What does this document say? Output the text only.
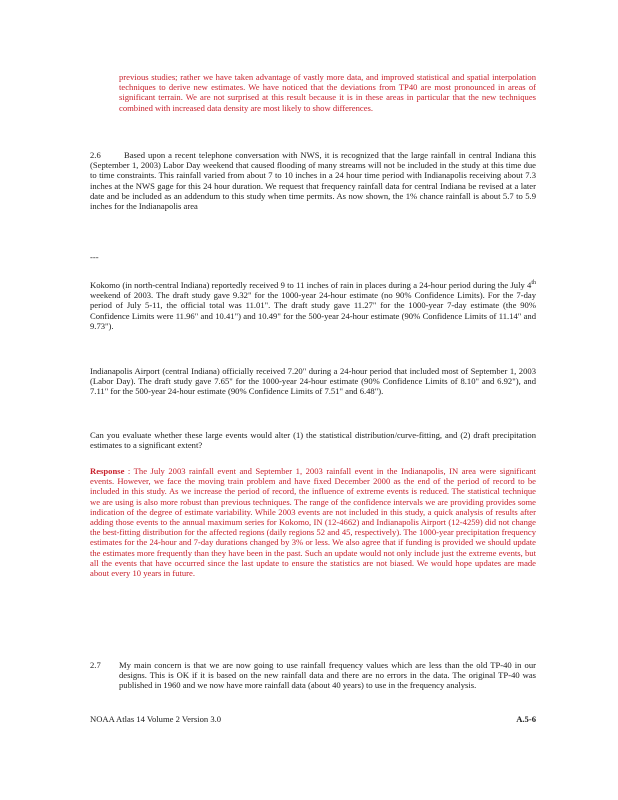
previous studies; rather we have taken advantage of vastly more data, and improved statistical and spatial interpolation techniques to derive new estimates. We have noticed that the deviations from TP40 are most pronounced in areas of significant terrain. We are not surprised at this result because it is in these areas in particular that the new techniques combined with increased data density are most likely to show differences.

2.6	Based upon a recent telephone conversation with NWS, it is recognized that the large rainfall in central Indiana this (September 1, 2003) Labor Day weekend that caused flooding of many streams will not be included in the study at this time due to time constraints. This rainfall varied from about 7 to 10 inches in a 24 hour time period with Indianapolis receiving about 7.3 inches at the NWS gage for this 24 hour duration. We request that frequency rainfall data for central Indiana be revised at a later date and be included as an addendum to this study when time permits. As now shown, the 1% chance rainfall is about 5.7 to 5.9 inches for the Indianapolis area

---

Kokomo (in north-central Indiana) reportedly received 9 to 11 inches of rain in places during a 24-hour period during the July 4th weekend of 2003. The draft study gave 9.32" for the 1000-year 24-hour estimate (no 90% Confidence Limits). For the 7-day period of July 5-11, the official total was 11.01". The draft study gave 11.27" for the 1000-year 7-day estimate (the 90% Confidence Limits were 11.96" and 10.41") and 10.49" for the 500-year 24-hour estimate (90% Confidence Limits of 11.14" and 9.73").

Indianapolis Airport (central Indiana) officially received 7.20" during a 24-hour period that included most of September 1, 2003 (Labor Day). The draft study gave 7.65" for the 1000-year 24-hour estimate (90% Confidence Limits of 8.10" and 6.92"), and 7.11" for the 500-year 24-hour estimate (90% Confidence Limits of 7.51" and 6.48").

Can you evaluate whether these large events would alter (1) the statistical distribution/curve-fitting, and (2) draft precipitation estimates to a significant extent?

Response : The July 2003 rainfall event and September 1, 2003 rainfall event in the Indianapolis, IN area were significant events. However, we face the moving train problem and have fixed December 2000 as the end of the period of record to be included in this study. As we increase the period of record, the influence of extreme events is reduced. The statistical technique we are using is also more robust than previous techniques. The range of the confidence intervals we are providing provides some indication of the degree of estimate variability. While 2003 events are not included in this study, a quick analysis of results after adding those events to the annual maximum series for Kokomo, IN (12-4662) and Indianapolis Airport (12-4259) did not change the best-fitting distribution for the affected regions (daily regions 52 and 45, respectively). The 1000-year precipitation frequency estimates for the 24-hour and 7-day durations changed by 3% or less. We also agree that if funding is provided we should update the estimates more frequently than they have been in the past. Such an update would not only include just the extreme events, but all the events that have occurred since the last update to ensure the statistics are not biased. We would hope updates are made about every 10 years in future.

2.7	My main concern is that we are now going to use rainfall frequency values which are less than the old TP-40 in our designs. This is OK if it is based on the new rainfall data and there are no errors in the data. The original TP-40 was published in 1960 and we now have more rainfall data (about 40 years) to use in the frequency analysis.
NOAA Atlas 14 Volume 2 Version 3.0	A.5-6
